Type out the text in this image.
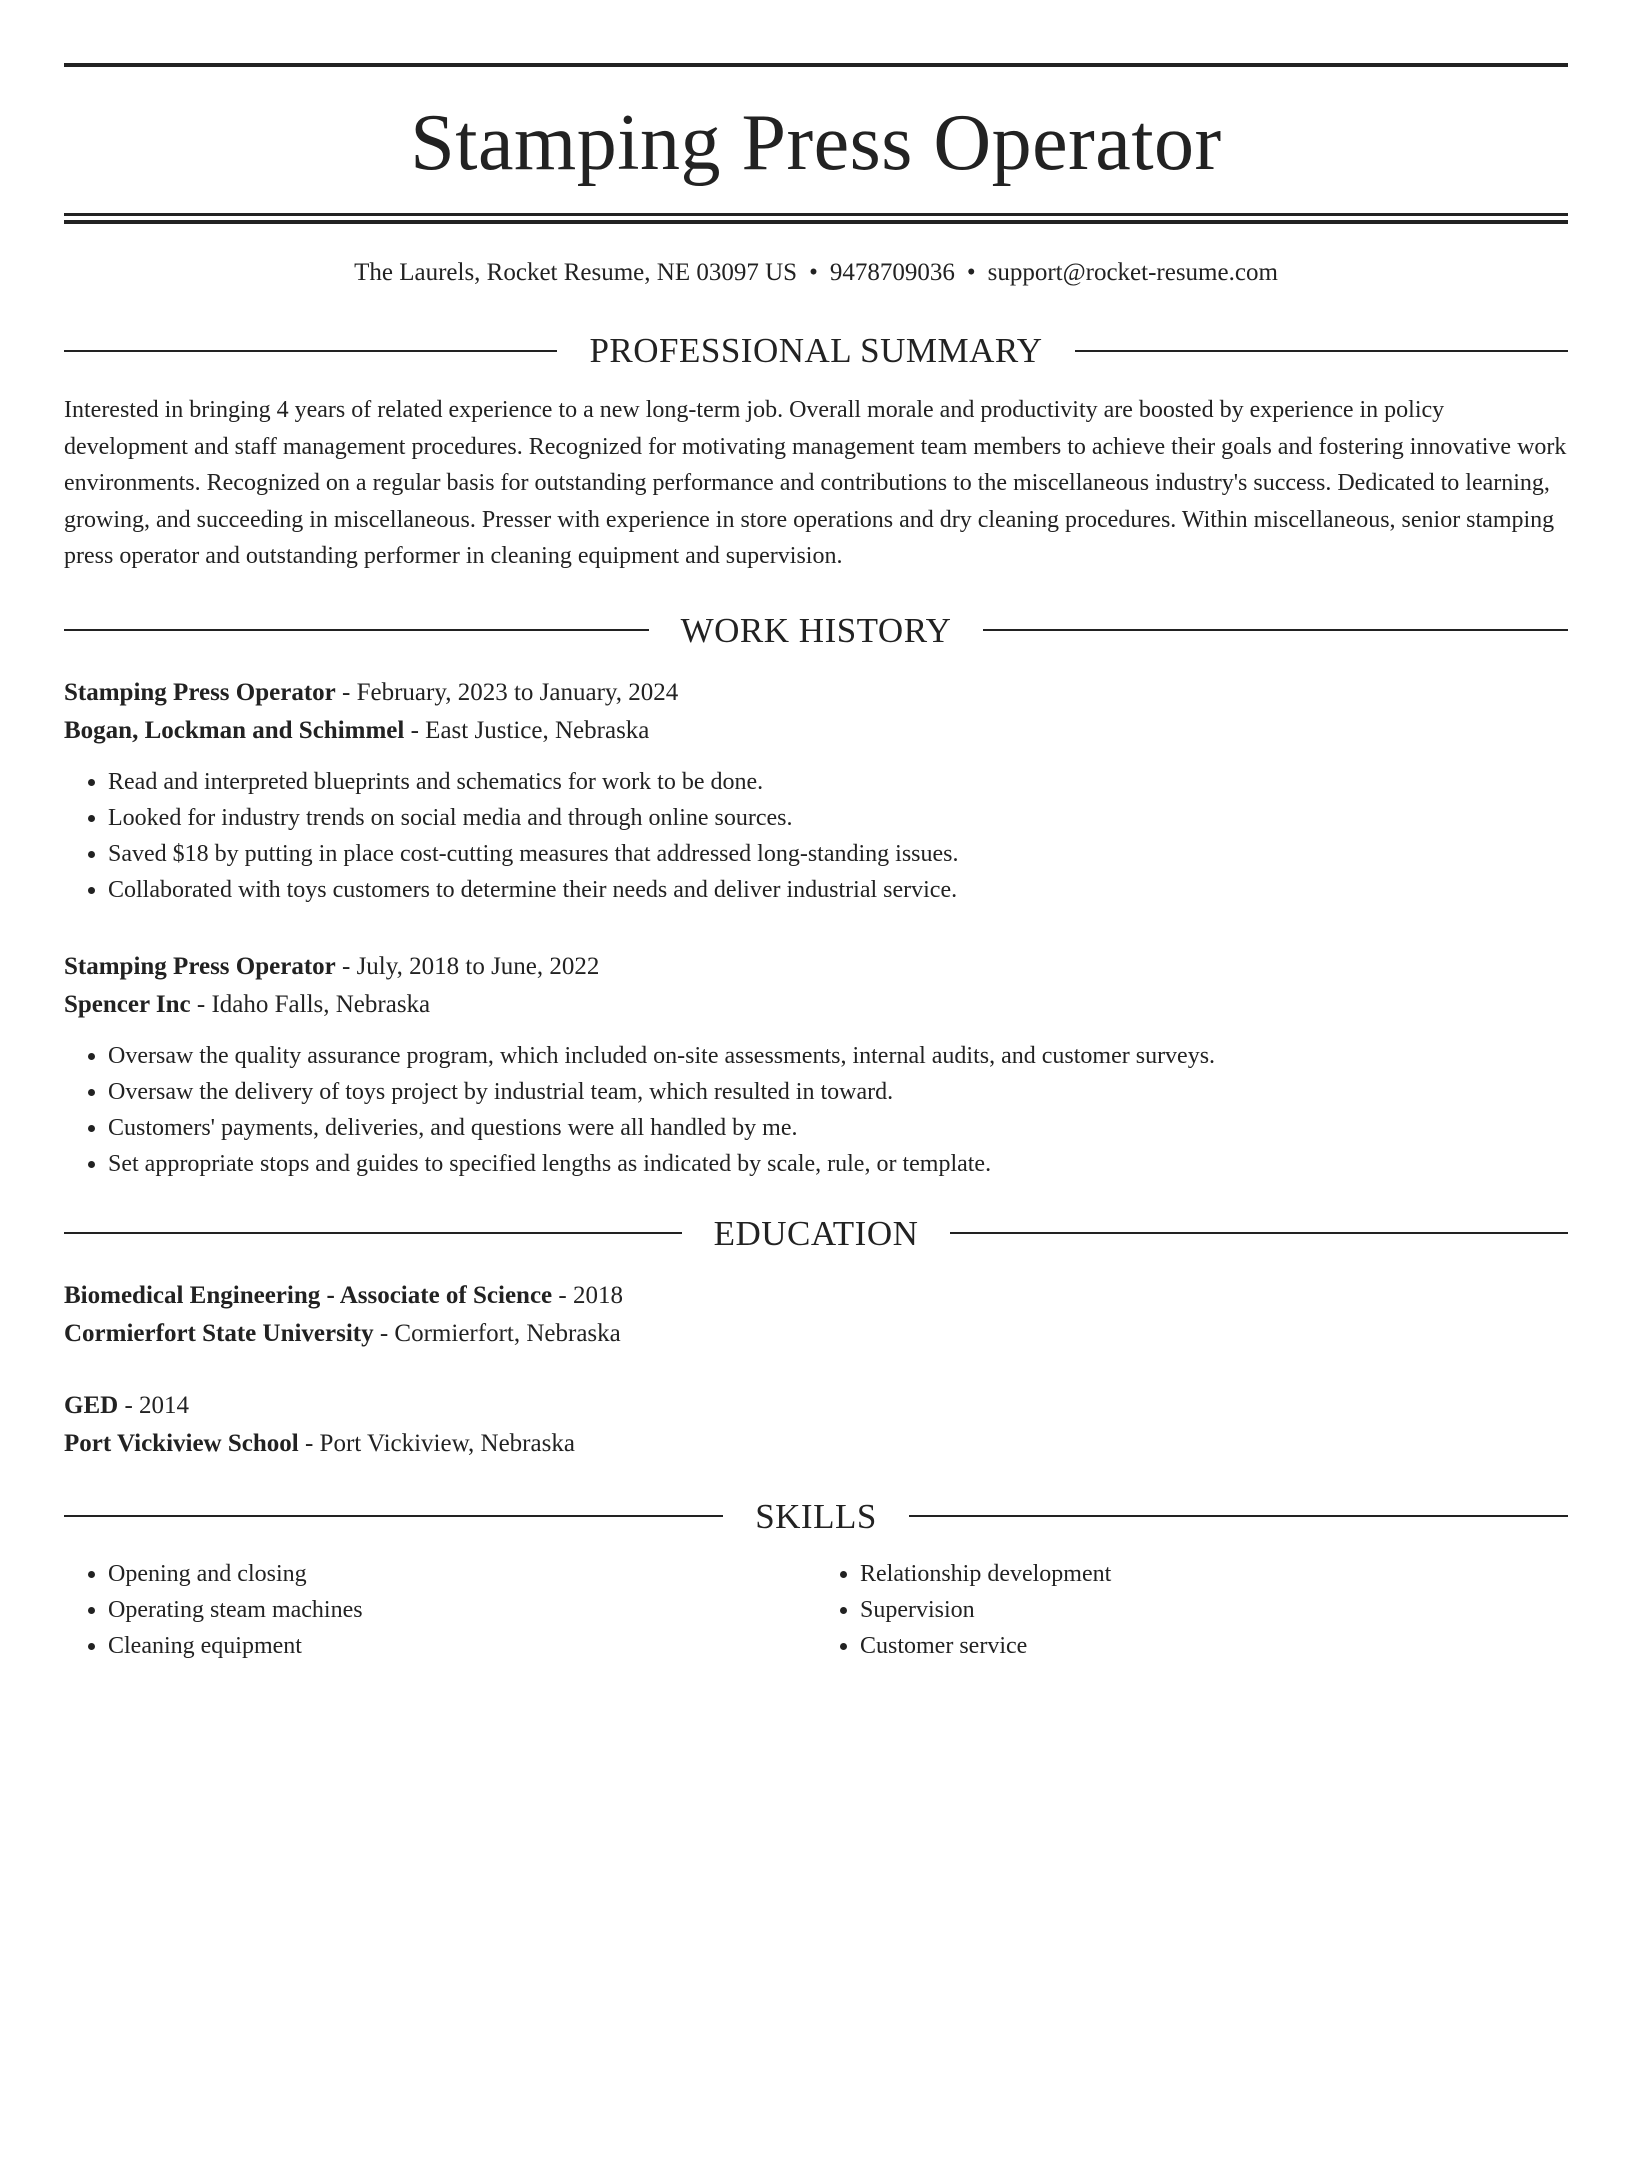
Stamping Press Operator
The Laurels, Rocket Resume, NE 03097 US • 9478709036 • support@rocket-resume.com
PROFESSIONAL SUMMARY
Interested in bringing 4 years of related experience to a new long-term job. Overall morale and productivity are boosted by experience in policy development and staff management procedures. Recognized for motivating management team members to achieve their goals and fostering innovative work environments. Recognized on a regular basis for outstanding performance and contributions to the miscellaneous industry's success. Dedicated to learning, growing, and succeeding in miscellaneous. Presser with experience in store operations and dry cleaning procedures. Within miscellaneous, senior stamping press operator and outstanding performer in cleaning equipment and supervision.
WORK HISTORY
Stamping Press Operator - February, 2023 to January, 2024
Bogan, Lockman and Schimmel - East Justice, Nebraska
• Read and interpreted blueprints and schematics for work to be done.
• Looked for industry trends on social media and through online sources.
• Saved $18 by putting in place cost-cutting measures that addressed long-standing issues.
• Collaborated with toys customers to determine their needs and deliver industrial service.
Stamping Press Operator - July, 2018 to June, 2022
Spencer Inc - Idaho Falls, Nebraska
• Oversaw the quality assurance program, which included on-site assessments, internal audits, and customer surveys.
• Oversaw the delivery of toys project by industrial team, which resulted in toward.
• Customers' payments, deliveries, and questions were all handled by me.
• Set appropriate stops and guides to specified lengths as indicated by scale, rule, or template.
EDUCATION
Biomedical Engineering - Associate of Science - 2018
Cormierfort State University - Cormierfort, Nebraska
GED - 2014
Port Vickiview School - Port Vickiview, Nebraska
SKILLS
• Opening and closing
• Operating steam machines
• Cleaning equipment
• Relationship development
• Supervision
• Customer service
